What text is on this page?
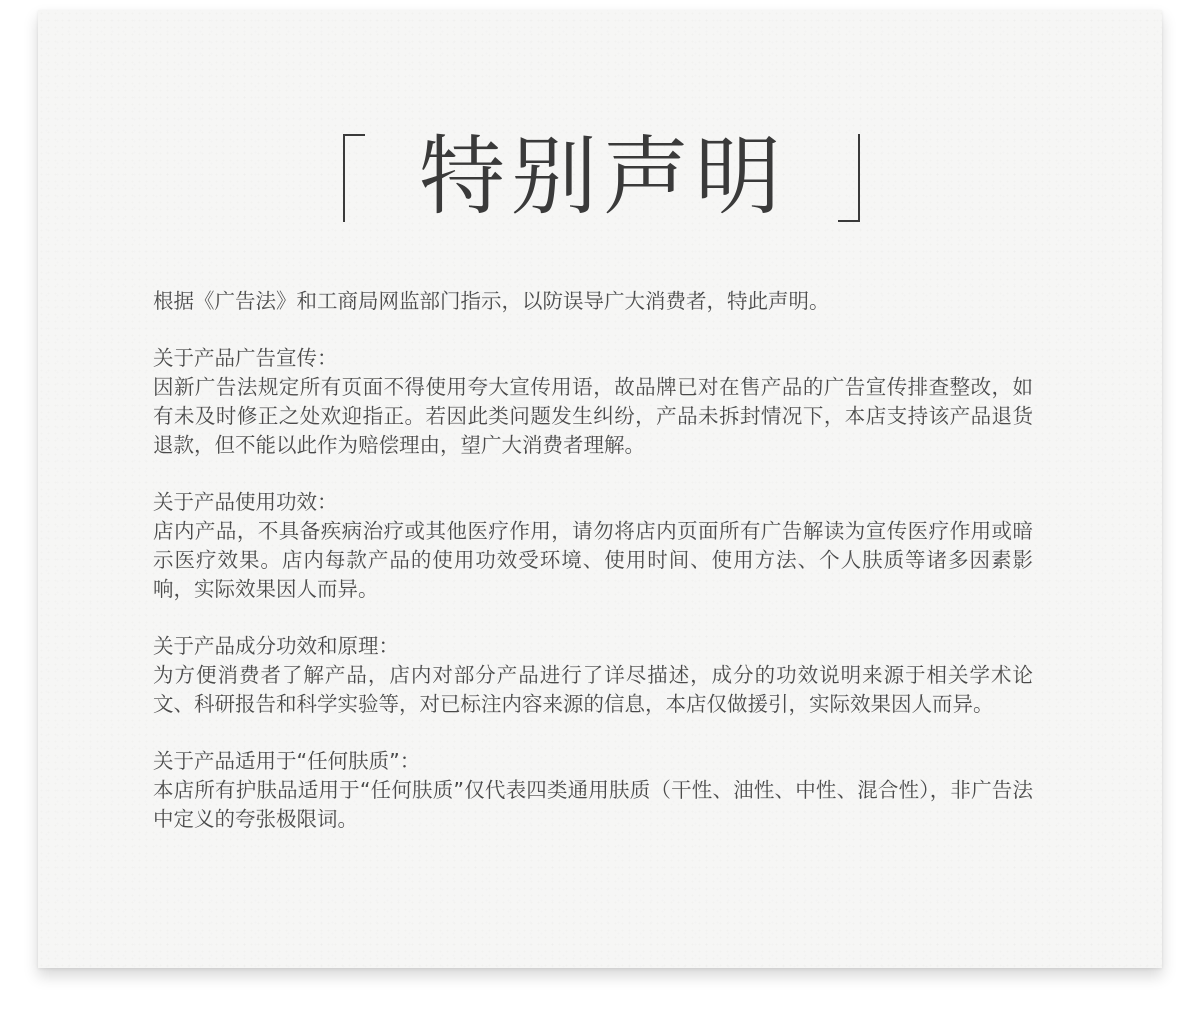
特别声明

根据《广告法》和工商局网监部门指示，以防误导广大消费者，特此声明。

关于产品广告宣传：

因新广告法规定所有页面不得使用夸大宣传用语，故品牌已对在售产品的广告宣传排查整改，如有未及时修正之处欢迎指正。若因此类问题发生纠纷，产品未拆封情况下，本店支持该产品退货退款，但不能以此作为赔偿理由，望广大消费者理解。

关于产品使用功效：

店内产品，不具备疾病治疗或其他医疗作用，请勿将店内页面所有广告解读为宣传医疗作用或暗示医疗效果。店内每款产品的使用功效受环境、使用时间、使用方法、个人肤质等诸多因素影响，实际效果因人而异。

关于产品成分功效和原理：

为方便消费者了解产品，店内对部分产品进行了详尽描述，成分的功效说明来源于相关学术论文、科研报告和科学实验等，对已标注内容来源的信息，本店仅做援引，实际效果因人而异。

关于产品适用于“任何肤质”：

本店所有护肤品适用于“任何肤质”仅代表四类通用肤质（干性、油性、中性、混合性），非广告法中定义的夸张极限词。
